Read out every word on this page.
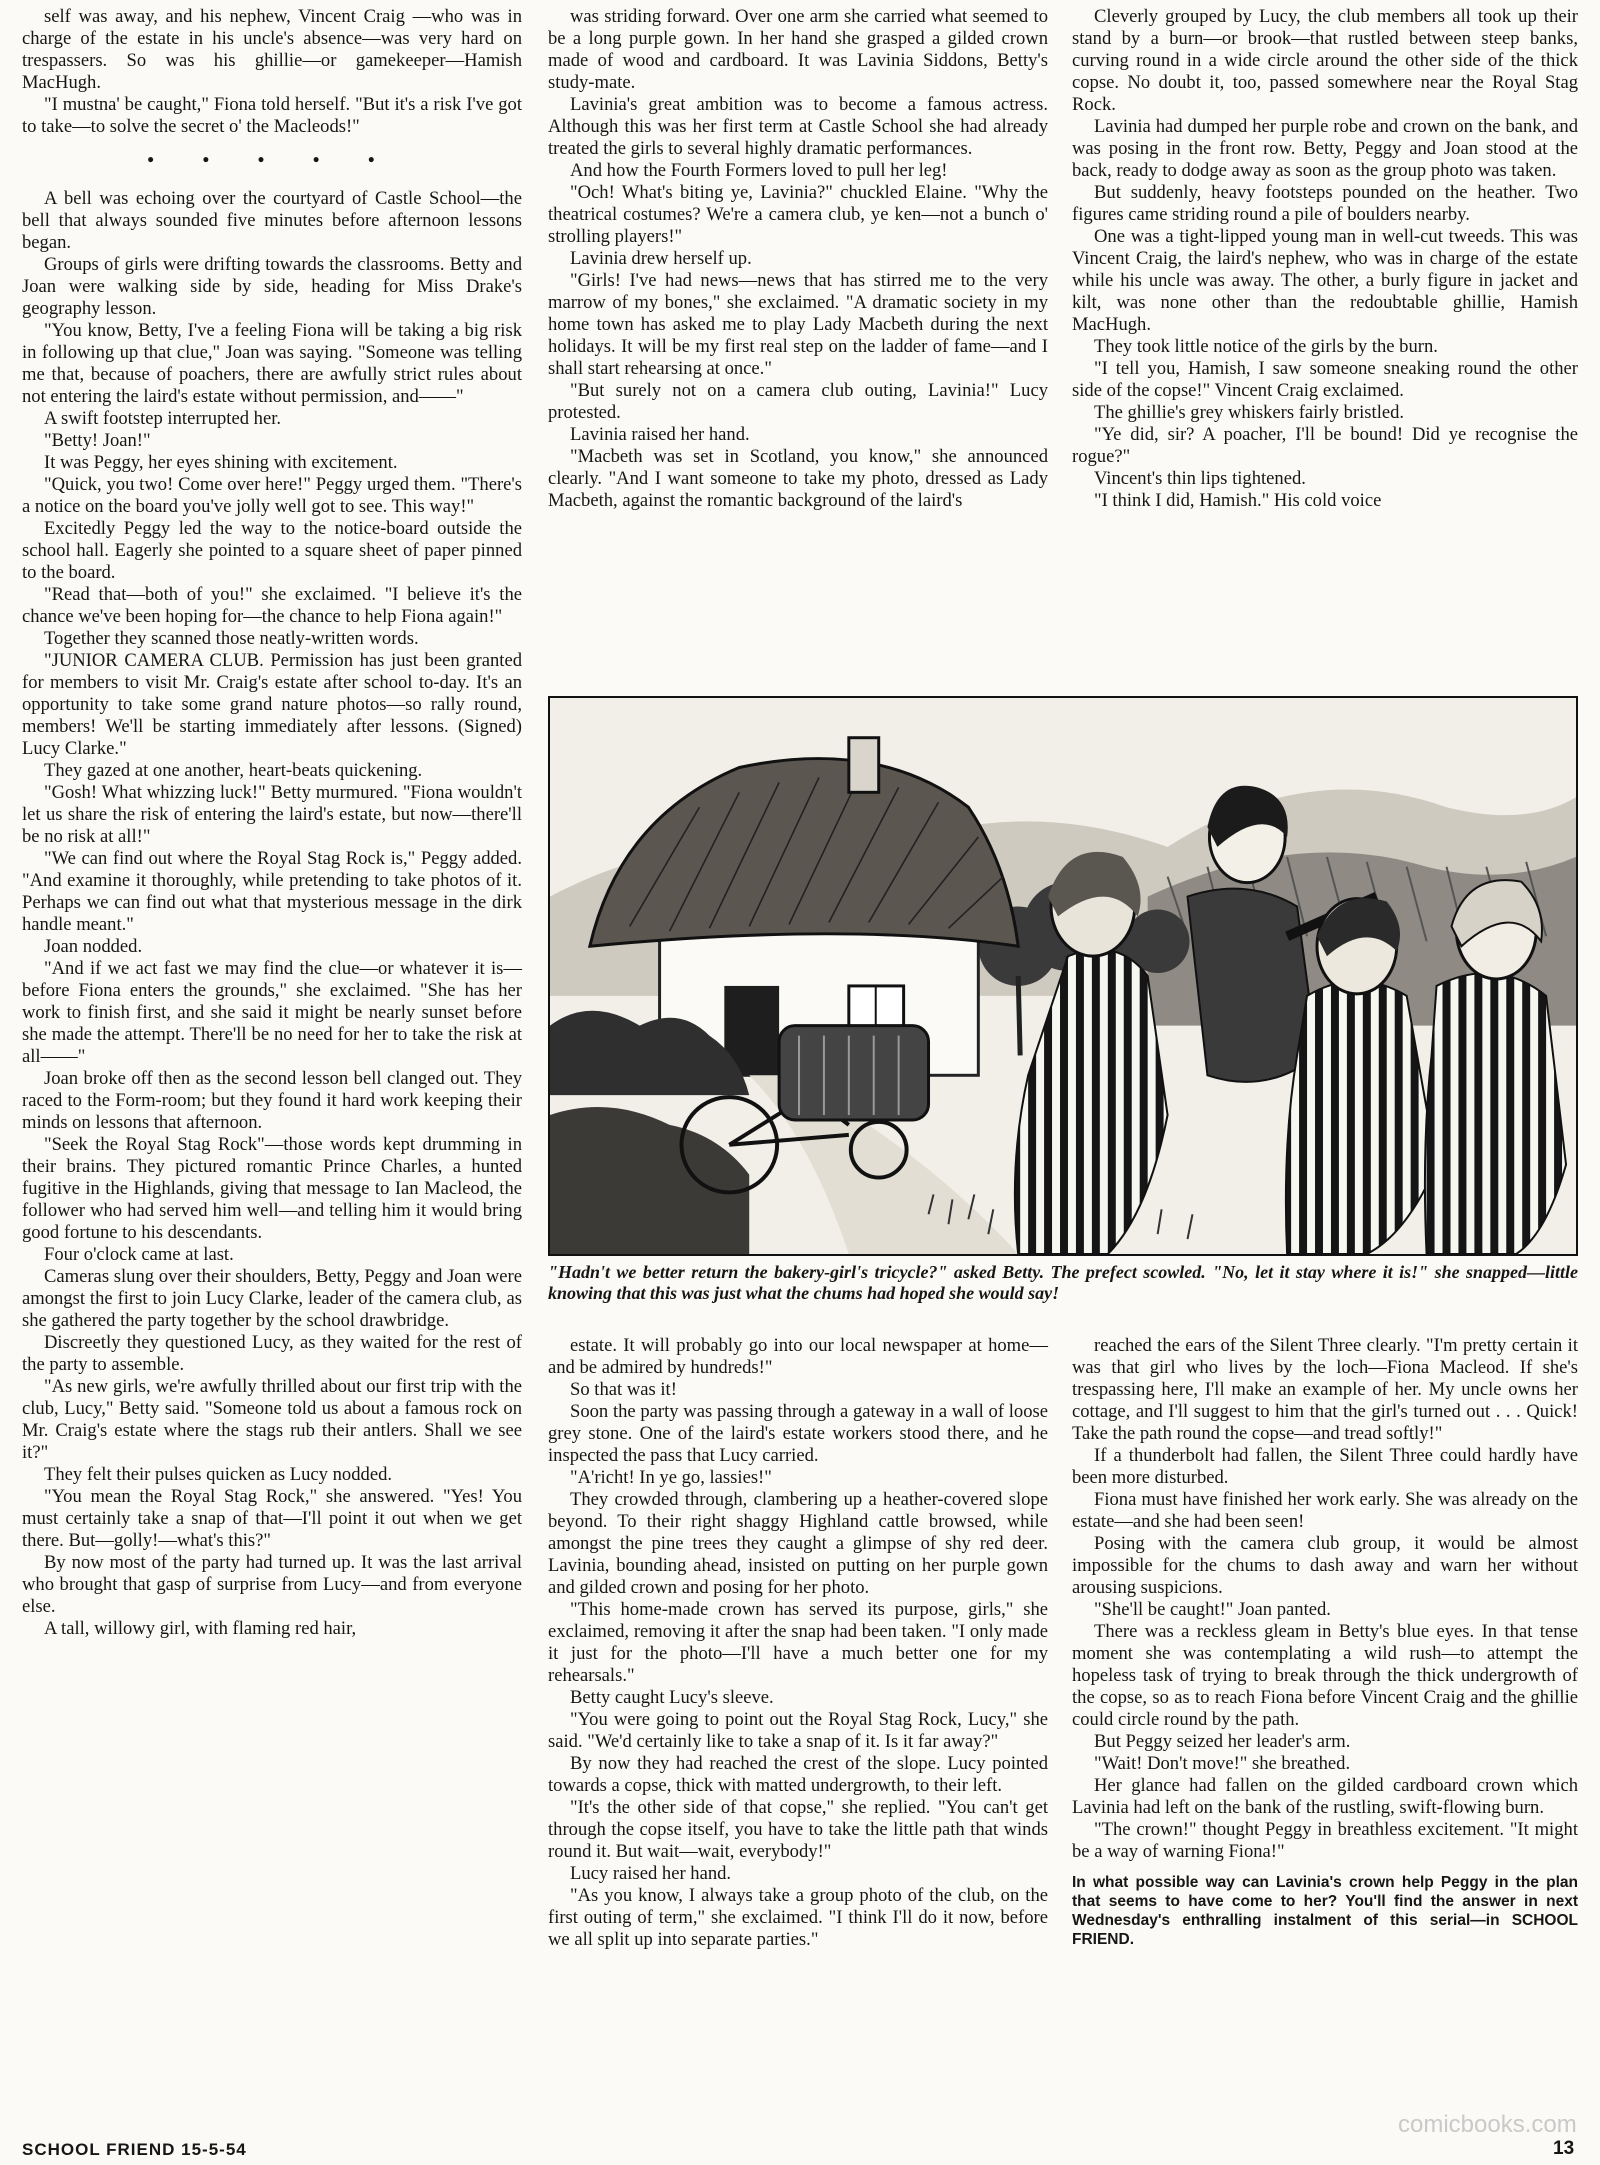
self was away, and his nephew, Vincent Craig —who was in charge of the estate in his uncle's absence—was very hard on trespassers. So was his ghillie—or gamekeeper—Hamish MacHugh.

"I mustna' be caught," Fiona told herself. "But it's a risk I've got to take—to solve the secret o' the Macleods!"

• • • • •

A bell was echoing over the courtyard of Castle School—the bell that always sounded five minutes before afternoon lessons began.

Groups of girls were drifting towards the classrooms. Betty and Joan were walking side by side, heading for Miss Drake's geography lesson.

"You know, Betty, I've a feeling Fiona will be taking a big risk in following up that clue," Joan was saying. "Someone was telling me that, because of poachers, there are awfully strict rules about not entering the laird's estate without permission, and——"

A swift footstep interrupted her.

"Betty! Joan!"

It was Peggy, her eyes shining with excitement.

"Quick, you two! Come over here!" Peggy urged them. "There's a notice on the board you've jolly well got to see. This way!"

Excitedly Peggy led the way to the notice-board outside the school hall. Eagerly she pointed to a square sheet of paper pinned to the board.

"Read that—both of you!" she exclaimed. "I believe it's the chance we've been hoping for—the chance to help Fiona again!"

Together they scanned those neatly-written words.

"JUNIOR CAMERA CLUB. Permission has just been granted for members to visit Mr. Craig's estate after school to-day. It's an opportunity to take some grand nature photos—so rally round, members! We'll be starting immediately after lessons. (Signed) Lucy Clarke."

They gazed at one another, heart-beats quickening.

"Gosh! What whizzing luck!" Betty murmured. "Fiona wouldn't let us share the risk of entering the laird's estate, but now—there'll be no risk at all!"

"We can find out where the Royal Stag Rock is," Peggy added. "And examine it thoroughly, while pretending to take photos of it. Perhaps we can find out what that mysterious message in the dirk handle meant."

Joan nodded.

"And if we act fast we may find the clue—or whatever it is—before Fiona enters the grounds," she exclaimed. "She has her work to finish first, and she said it might be nearly sunset before she made the attempt. There'll be no need for her to take the risk at all——"

Joan broke off then as the second lesson bell clanged out. They raced to the Form-room; but they found it hard work keeping their minds on lessons that afternoon.

"Seek the Royal Stag Rock"—those words kept drumming in their brains. They pictured romantic Prince Charles, a hunted fugitive in the Highlands, giving that message to Ian Macleod, the follower who had served him well—and telling him it would bring good fortune to his descendants.

Four o'clock came at last.

Cameras slung over their shoulders, Betty, Peggy and Joan were amongst the first to join Lucy Clarke, leader of the camera club, as she gathered the party together by the school drawbridge.

Discreetly they questioned Lucy, as they waited for the rest of the party to assemble.

"As new girls, we're awfully thrilled about our first trip with the club, Lucy," Betty said. "Someone told us about a famous rock on Mr. Craig's estate where the stags rub their antlers. Shall we see it?"

They felt their pulses quicken as Lucy nodded.

"You mean the Royal Stag Rock," she answered. "Yes! You must certainly take a snap of that—I'll point it out when we get there. But—golly!—what's this?"

By now most of the party had turned up. It was the last arrival who brought that gasp of surprise from Lucy—and from everyone else.

A tall, willowy girl, with flaming red hair,

was striding forward. Over one arm she carried what seemed to be a long purple gown. In her hand she grasped a gilded crown made of wood and cardboard. It was Lavinia Siddons, Betty's study-mate.

Lavinia's great ambition was to become a famous actress. Although this was her first term at Castle School she had already treated the girls to several highly dramatic performances.

And how the Fourth Formers loved to pull her leg!

"Och! What's biting ye, Lavinia?" chuckled Elaine. "Why the theatrical costumes? We're a camera club, ye ken—not a bunch o' strolling players!"

Lavinia drew herself up.

"Girls! I've had news—news that has stirred me to the very marrow of my bones," she exclaimed. "A dramatic society in my home town has asked me to play Lady Macbeth during the next holidays. It will be my first real step on the ladder of fame—and I shall start rehearsing at once."

"But surely not on a camera club outing, Lavinia!" Lucy protested.

Lavinia raised her hand.

"Macbeth was set in Scotland, you know," she announced clearly. "And I want someone to take my photo, dressed as Lady Macbeth, against the romantic background of the laird's

Cleverly grouped by Lucy, the club members all took up their stand by a burn—or brook—that rustled between steep banks, curving round in a wide circle around the other side of the thick copse. No doubt it, too, passed somewhere near the Royal Stag Rock.

Lavinia had dumped her purple robe and crown on the bank, and was posing in the front row. Betty, Peggy and Joan stood at the back, ready to dodge away as soon as the group photo was taken.

But suddenly, heavy footsteps pounded on the heather. Two figures came striding round a pile of boulders nearby.

One was a tight-lipped young man in well-cut tweeds. This was Vincent Craig, the laird's nephew, who was in charge of the estate while his uncle was away. The other, a burly figure in jacket and kilt, was none other than the redoubtable ghillie, Hamish MacHugh.

They took little notice of the girls by the burn.

"I tell you, Hamish, I saw someone sneaking round the other side of the copse!" Vincent Craig exclaimed.

The ghillie's grey whiskers fairly bristled.

"Ye did, sir? A poacher, I'll be bound! Did ye recognise the rogue?"

Vincent's thin lips tightened.

"I think I did, Hamish." His cold voice

"Hadn't we better return the bakery-girl's tricycle?" asked Betty. The prefect scowled. "No, let it stay where it is!" she snapped—little knowing that this was just what the chums had hoped she would say!

estate. It will probably go into our local newspaper at home—and be admired by hundreds!"

So that was it!

Soon the party was passing through a gateway in a wall of loose grey stone. One of the laird's estate workers stood there, and he inspected the pass that Lucy carried.

"A'richt! In ye go, lassies!"

They crowded through, clambering up a heather-covered slope beyond. To their right shaggy Highland cattle browsed, while amongst the pine trees they caught a glimpse of shy red deer. Lavinia, bounding ahead, insisted on putting on her purple gown and gilded crown and posing for her photo.

"This home-made crown has served its purpose, girls," she exclaimed, removing it after the snap had been taken. "I only made it just for the photo—I'll have a much better one for my rehearsals."

Betty caught Lucy's sleeve.

"You were going to point out the Royal Stag Rock, Lucy," she said. "We'd certainly like to take a snap of it. Is it far away?"

By now they had reached the crest of the slope. Lucy pointed towards a copse, thick with matted undergrowth, to their left.

"It's the other side of that copse," she replied. "You can't get through the copse itself, you have to take the little path that winds round it. But wait—wait, everybody!"

Lucy raised her hand.

"As you know, I always take a group photo of the club, on the first outing of term," she exclaimed. "I think I'll do it now, before we all split up into separate parties."

reached the ears of the Silent Three clearly. "I'm pretty certain it was that girl who lives by the loch—Fiona Macleod. If she's trespassing here, I'll make an example of her. My uncle owns her cottage, and I'll suggest to him that the girl's turned out . . . Quick! Take the path round the copse—and tread softly!"

If a thunderbolt had fallen, the Silent Three could hardly have been more disturbed.

Fiona must have finished her work early. She was already on the estate—and she had been seen!

Posing with the camera club group, it would be almost impossible for the chums to dash away and warn her without arousing suspicions.

"She'll be caught!" Joan panted.

There was a reckless gleam in Betty's blue eyes. In that tense moment she was contemplating a wild rush—to attempt the hopeless task of trying to break through the thick undergrowth of the copse, so as to reach Fiona before Vincent Craig and the ghillie could circle round by the path.

But Peggy seized her leader's arm.

"Wait! Don't move!" she breathed.

Her glance had fallen on the gilded cardboard crown which Lavinia had left on the bank of the rustling, swift-flowing burn.

"The crown!" thought Peggy in breathless excitement. "It might be a way of warning Fiona!"

In what possible way can Lavinia's crown help Peggy in the plan that seems to have come to her? You'll find the answer in next Wednesday's enthralling instalment of this serial—in SCHOOL FRIEND.

SCHOOL FRIEND 15-5-54
comicbooks.com
13
